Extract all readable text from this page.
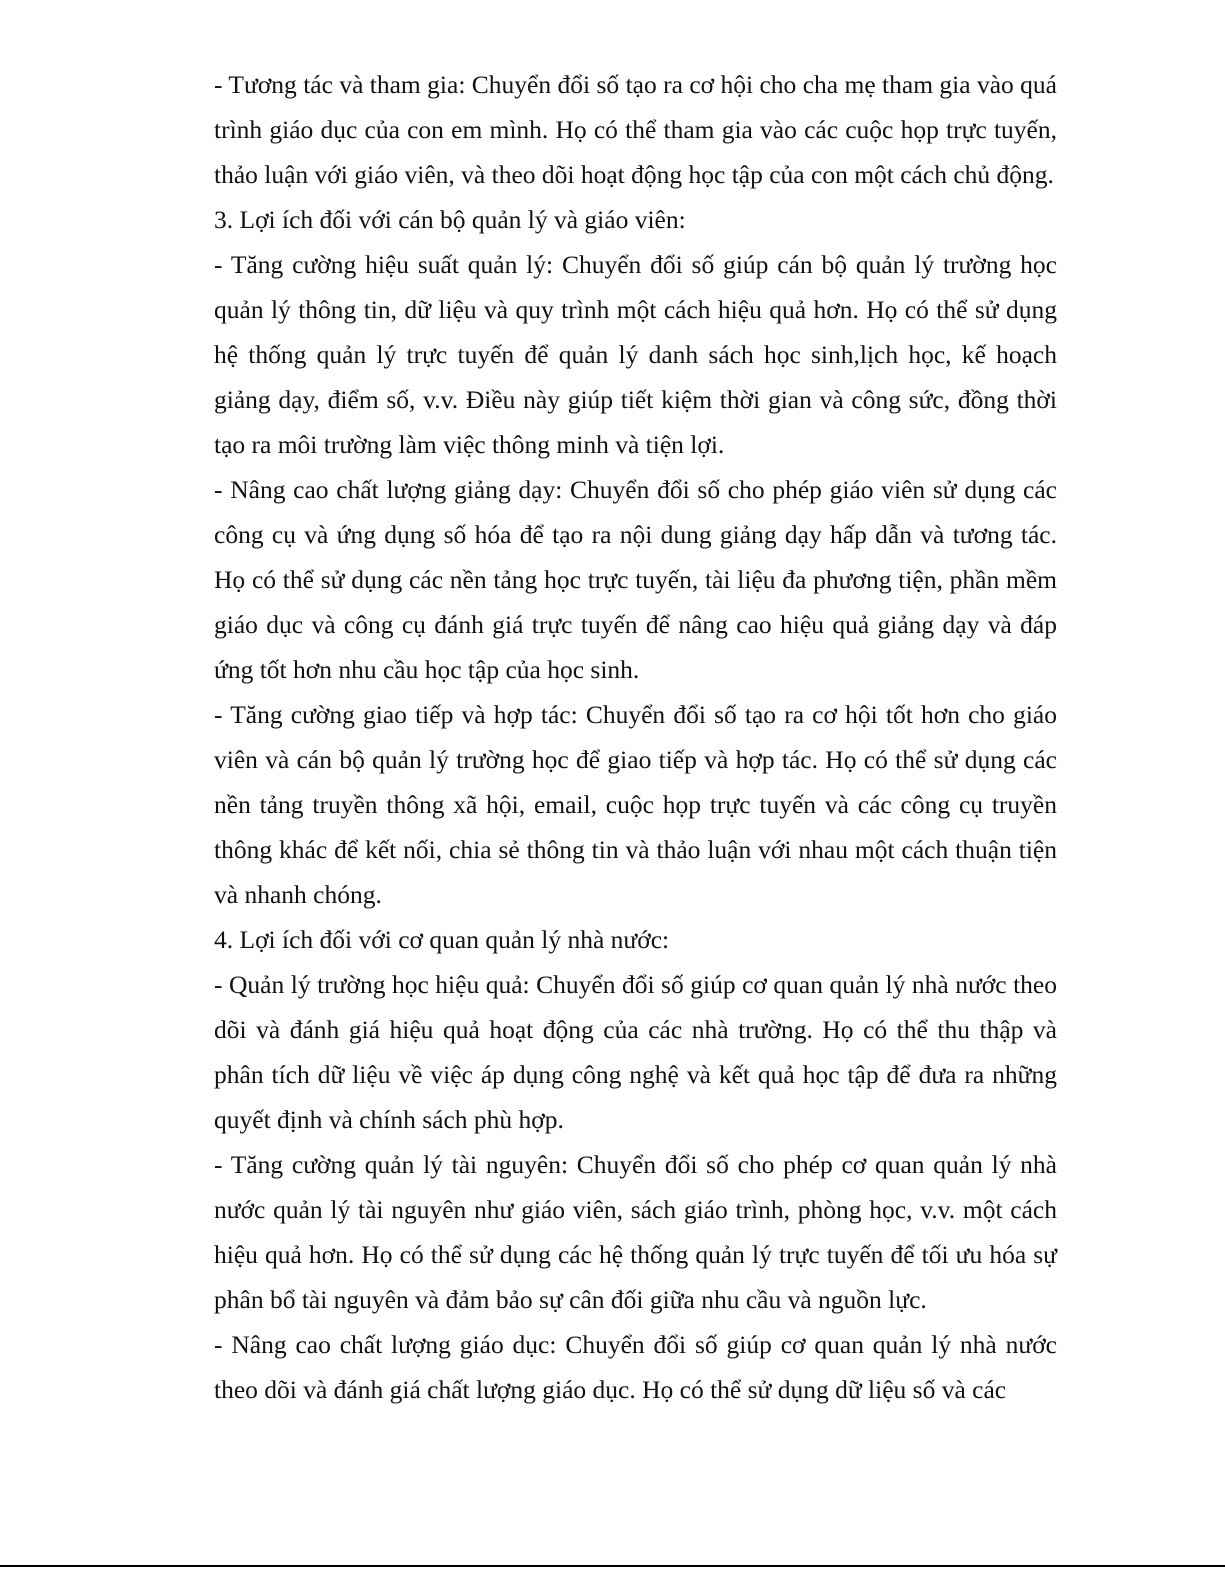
- Tương tác và tham gia: Chuyển đổi số tạo ra cơ hội cho cha mẹ tham gia vào quá trình giáo dục của con em mình. Họ có thể tham gia vào các cuộc họp trực tuyến, thảo luận với giáo viên, và theo dõi hoạt động học tập của con một cách chủ động.

3. Lợi ích đối với cán bộ quản lý và giáo viên:

- Tăng cường hiệu suất quản lý: Chuyển đổi số giúp cán bộ quản lý trường học quản lý thông tin, dữ liệu và quy trình một cách hiệu quả hơn. Họ có thể sử dụng hệ thống quản lý trực tuyến để quản lý danh sách học sinh,lịch học, kế hoạch giảng dạy, điểm số, v.v. Điều này giúp tiết kiệm thời gian và công sức, đồng thời tạo ra môi trường làm việc thông minh và tiện lợi.

- Nâng cao chất lượng giảng dạy: Chuyển đổi số cho phép giáo viên sử dụng các công cụ và ứng dụng số hóa để tạo ra nội dung giảng dạy hấp dẫn và tương tác. Họ có thể sử dụng các nền tảng học trực tuyến, tài liệu đa phương tiện, phần mềm giáo dục và công cụ đánh giá trực tuyến để nâng cao hiệu quả giảng dạy và đáp ứng tốt hơn nhu cầu học tập của học sinh.

- Tăng cường giao tiếp và hợp tác: Chuyển đổi số tạo ra cơ hội tốt hơn cho giáo viên và cán bộ quản lý trường học để giao tiếp và hợp tác. Họ có thể sử dụng các nền tảng truyền thông xã hội, email, cuộc họp trực tuyến và các công cụ truyền thông khác để kết nối, chia sẻ thông tin và thảo luận với nhau một cách thuận tiện và nhanh chóng.

4. Lợi ích đối với cơ quan quản lý nhà nước:

- Quản lý trường học hiệu quả: Chuyển đổi số giúp cơ quan quản lý nhà nước theo dõi và đánh giá hiệu quả hoạt động của các nhà trường. Họ có thể thu thập và phân tích dữ liệu về việc áp dụng công nghệ và kết quả học tập để đưa ra những quyết định và chính sách phù hợp.

- Tăng cường quản lý tài nguyên: Chuyển đổi số cho phép cơ quan quản lý nhà nước quản lý tài nguyên như giáo viên, sách giáo trình, phòng học, v.v. một cách hiệu quả hơn. Họ có thể sử dụng các hệ thống quản lý trực tuyến để tối ưu hóa sự phân bổ tài nguyên và đảm bảo sự cân đối giữa nhu cầu và nguồn lực.

- Nâng cao chất lượng giáo dục: Chuyển đổi số giúp cơ quan quản lý nhà nước theo dõi và đánh giá chất lượng giáo dục. Họ có thể sử dụng dữ liệu số và các
